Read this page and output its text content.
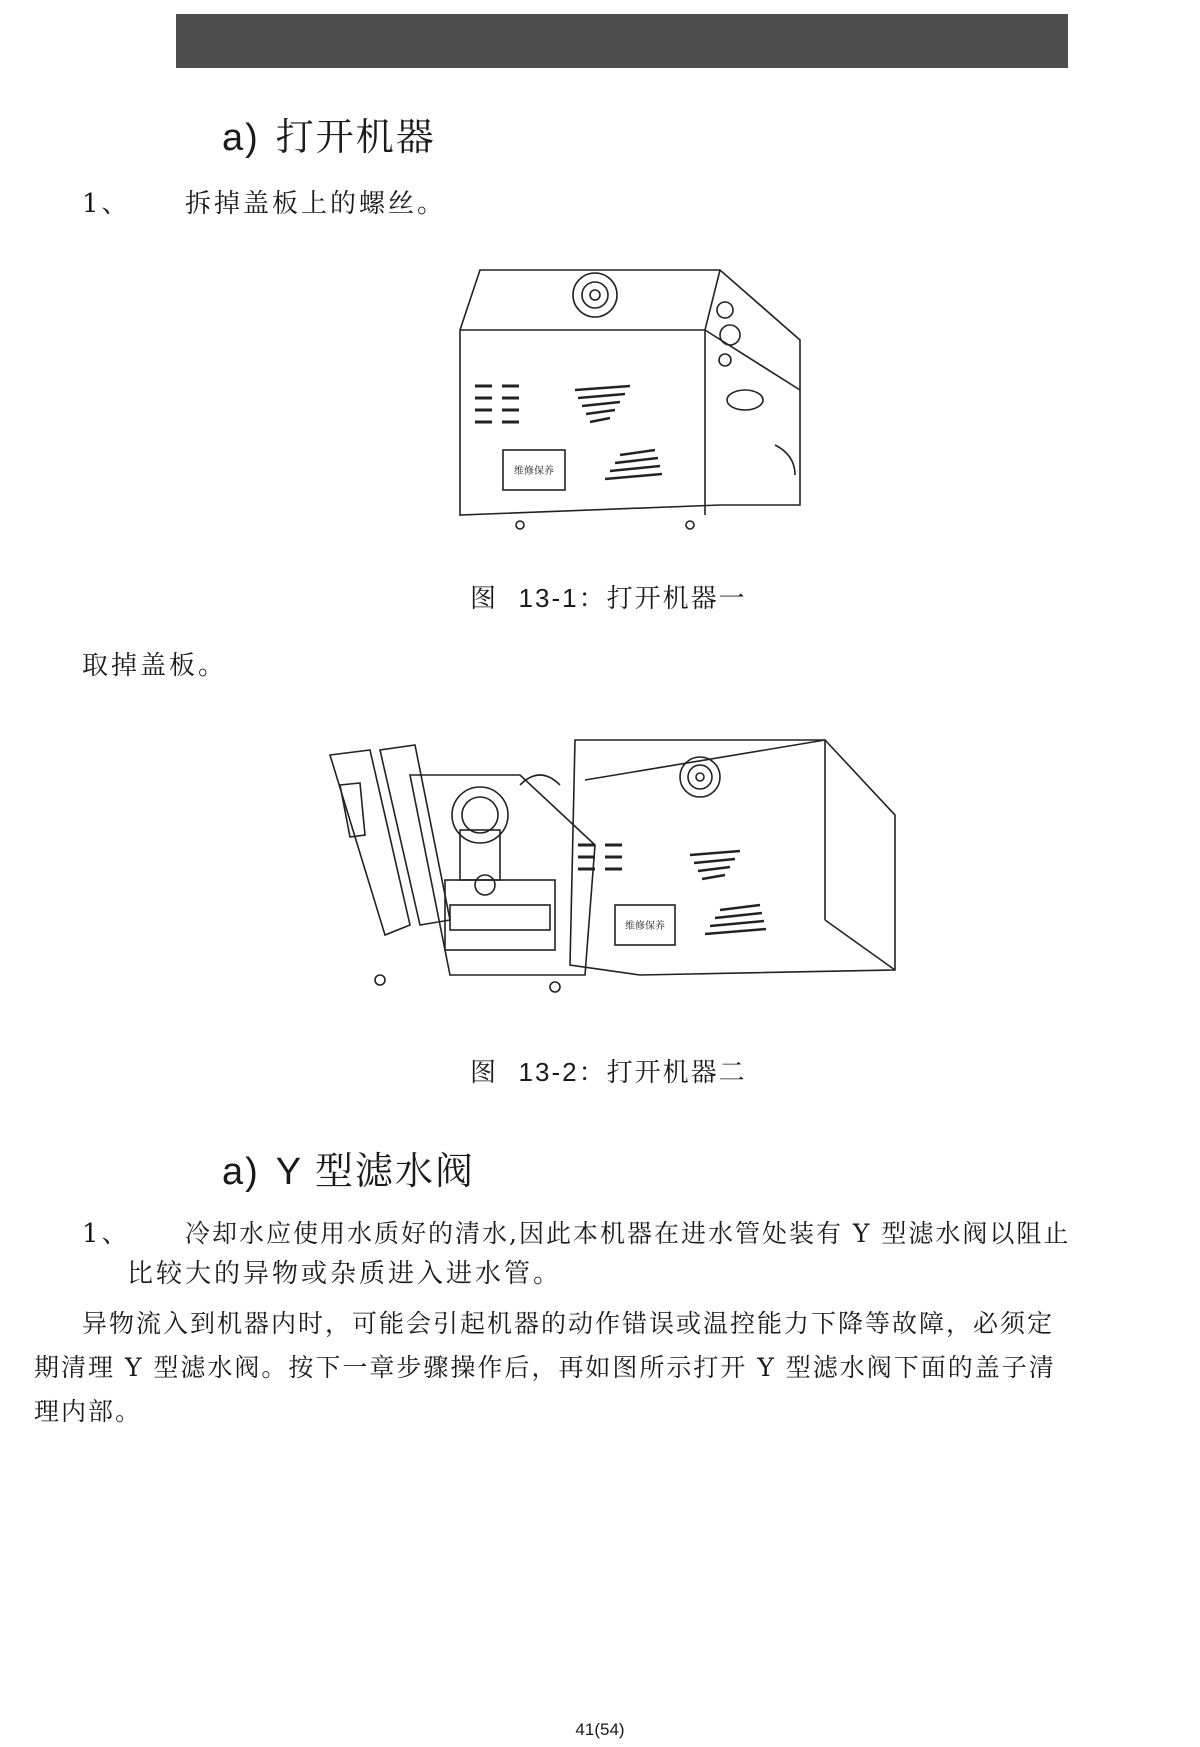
a) 打开机器
1、 拆掉盖板上的螺丝。
维修保养
图 13-1：打开机器一
取掉盖板。
维修保养
图 13-2：打开机器二
a) Y 型滤水阀
1、 冷却水应使用水质好的清水,因此本机器在进水管处装有 Y 型滤水阀以阻止
比较大的异物或杂质进入进水管。
异物流入到机器内时，可能会引起机器的动作错误或温控能力下降等故障，必须定
期清理 Y 型滤水阀。按下一章步骤操作后，再如图所示打开 Y 型滤水阀下面的盖子清
理内部。
41(54)
